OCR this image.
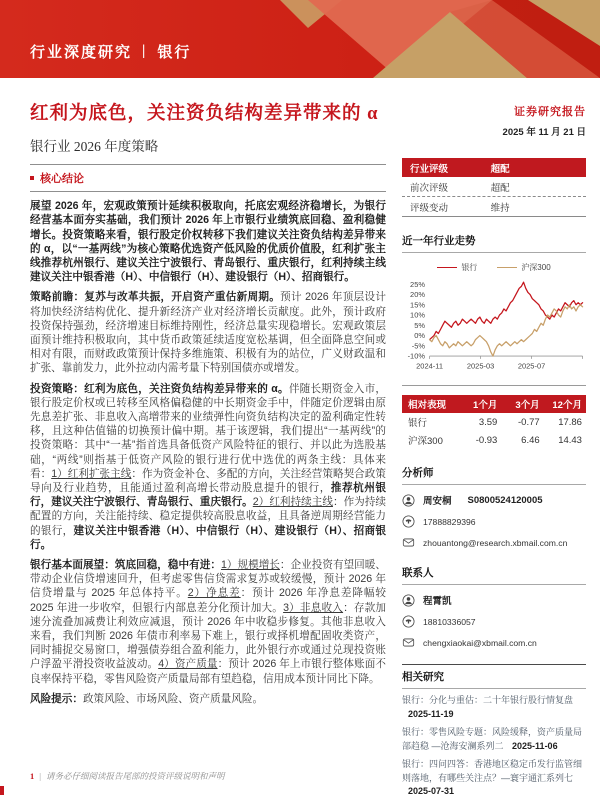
行业深度研究 | 银行
红利为底色，关注资负结构差异带来的 α
银行业 2026 年度策略
核心结论

展望 2026 年，宏观政策预计延续积极取向，托底宏观经济稳增长，为银行经营基本面夯实基础，我们预计 2026 年上市银行业绩筑底回稳、盈利稳健增长。投资策略来看，银行股定价权转移下我们建议关注资负结构差异带来的 α，以“一基两线”为核心策略优选资产低风险的优质价值股，红利扩张主线推荐杭州银行、建议关注宁波银行、青岛银行、重庆银行，红利持续主线建议关注中银香港（H）、中信银行（H）、建设银行（H）、招商银行。

策略前瞻：复苏与改革共振，开启资产重估新周期。预计 2026 年顶层设计将加快经济结构优化、提升新经济产业对经济增长贡献度。此外，预计政府投资保持强劲，经济增速目标维持刚性，经济总量实现稳增长。宏观政策层面预计维持积极取向，其中货币政策延续适度宽松基调，但全面降息空间或相对有限，而财政政策预计保持多维施策、积极有为的站位，广义财政温和扩张、靠前发力，此外拉动内需考量下特别国债亦或增发。

投资策略：红利为底色，关注资负结构差异带来的 α。伴随长期资金入市，银行股定价权或已转移至风格偏稳健的中长期资金手中，伴随定价逻辑由原先息差扩张、非息收入高增带来的业绩弹性向资负结构决定的盈利确定性转移，且这种估值锚的切换预计偏中期。基于该逻辑，我们提出“一基两线”的投资策略：其中“一基”指首选具备低资产风险特征的银行、并以此为选股基础，“两线”则指基于低资产风险的银行进行优中选优的两条主线：具体来看：1）红利扩张主线：作为资金补仓、多配的方向，关注经营策略契合政策导向及行业趋势，且能通过盈利高增长带动股息提升的银行，推荐杭州银行，建议关注宁波银行、青岛银行、重庆银行。2）红利持续主线：作为持续配置的方向，关注能持续、稳定提供较高股息收益，且具备逆周期经营能力的银行，建议关注中银香港（H）、中信银行（H）、建设银行（H）、招商银行。

银行基本面展望：筑底回稳，稳中有进：1）规模增长：企业投资有望回暖、带动企业信贷增速回升，但考虑零售信贷需求复苏或较缓慢，预计 2026 年信贷增量与 2025 年总体持平。2）净息差：预计 2026 年净息差降幅较 2025 年进一步收窄，但银行内部息差分化预计加大。3）非息收入：存款加速分流叠加减费让利效应减退，预计 2026 年中收稳步修复。其他非息收入来看，我们判断 2026 年债市利率易下难上，银行或择机增配固收类资产，同时捕捉交易窗口，增强债券组合盈利能力，此外银行亦或通过兑现投资账户浮盈平滑投资收益波动。4）资产质量：预计 2026 年上市银行整体账面不良率保持平稳，零售风险资产质量局部有望趋稳，信用成本预计同比下降。

风险提示：政策风险、市场风险、资产质量风险。

证券研究报告
2025 年 11 月 21 日
行业评级	超配
前次评级	超配
评级变动	维持
近一年行业走势
银行	沪深300
25%
20%
15%
10%
5%
0%
-5%
-10%
2024-11	2025-03	2025-07
相对表现	1个月	3个月	12个月
银行	3.59	-0.77	17.86
沪深300	-0.93	6.46	14.43
分析师
周安桐 S0800524120005
17888829396
zhouantong@research.xbmail.com.cn
联系人
程霄凯
18810336057
chengxiaokai@xbmail.com.cn
相关研究
银行：分化与重估：二十年银行股行情复盘 2025-11-19
银行：零售风险专题：风险缓释，资产质量局部趋稳 —沧海安澜系列二 2025-11-06
银行：四问四答：香港地区稳定币发行监管细则落地，有哪些关注点？—寰宇通汇系列七 2025-07-31
1 | 请务必仔细阅读报告尾部的投资评级说明和声明
